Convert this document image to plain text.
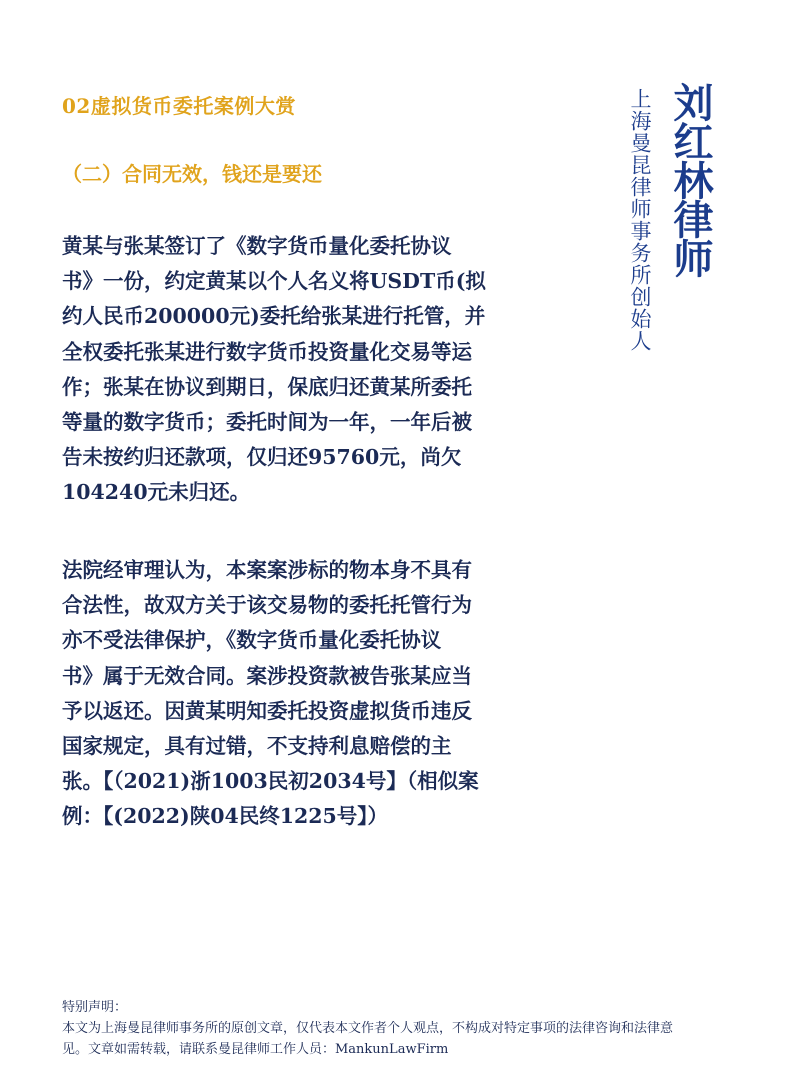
02虚拟货币委托案例大赏
（二）合同无效，钱还是要还	刘红林律师
上海曼昆律师事务所创始人
黄某与张某签订了《数字货币量化委托协议
书》一份，约定黄某以个人名义将USDT币(拟
约人民币200000元)委托给张某进行托管，并
全权委托张某进行数字货币投资量化交易等运
作；张某在协议到期日，保底归还黄某所委托
等量的数字货币；委托时间为一年，一年后被
告未按约归还款项，仅归还95760元，尚欠
104240元未归还。
法院经审理认为，本案案涉标的物本身不具有
合法性，故双方关于该交易物的委托托管行为
亦不受法律保护，《数字货币量化委托协议
书》属于无效合同。案涉投资款被告张某应当
予以返还。因黄某明知委托投资虚拟货币违反
国家规定，具有过错，不支持利息赔偿的主
张。【（2021)浙1003民初2034号】（相似案
例：【(2022)陕04民终1225号】）
特别声明：
本文为上海曼昆律师事务所的原创文章，仅代表本文作者个人观点，不构成对特定事项的法律咨询和法律意
见。文章如需转载，请联系曼昆律师工作人员：MankunLawFirm
